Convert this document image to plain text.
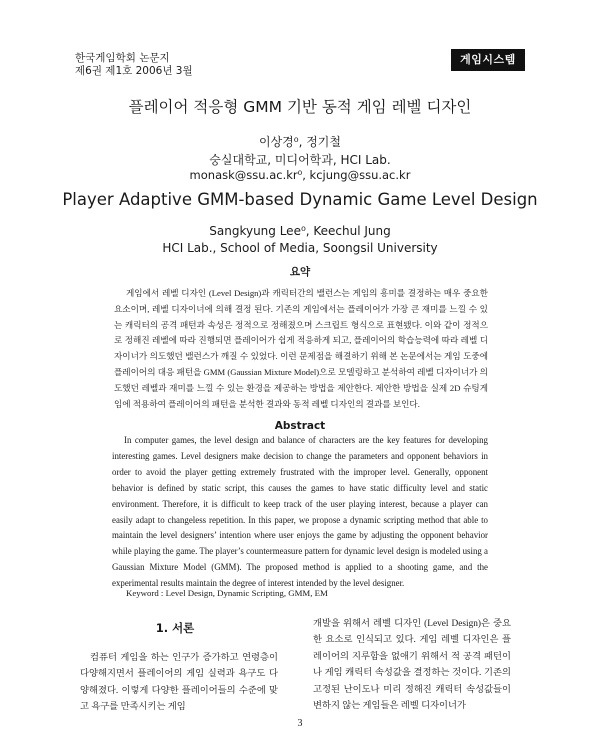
한국게임학회 논문지
제6권 제1호 2006년 3월
게임시스템
플레이어 적응형 GMM 기반 동적 게임 레벨 디자인
이상경⁰, 정기철
숭실대학교, 미디어학과, HCI Lab.
monask@ssu.ac.kr⁰, kcjung@ssu.ac.kr
Player Adaptive GMM-based Dynamic Game Level Design
Sangkyung Lee⁰, Keechul Jung
HCI Lab., School of Media, Soongsil University
요약
게임에서 레벨 디자인 (Level Design)과 캐릭터간의 밸런스는 게임의 흥미를 결정하는 매우 중요한 요소이며, 레벨 디자이너에 의해 결정 된다. 기존의 게임에서는 플레이어가 가장 큰 재미를 느낄 수 있는 캐릭터의 공격 패턴과 속성은 정적으로 정해졌으며 스크립트 형식으로 표현됐다. 이와 같이 정적으로 정해진 레벨에 따라 진행되면 플레이어가 쉽게 적응하게 되고, 플레이어의 학습능력에 따라 레벨 디자이너가 의도했던 밸런스가 깨질 수 있었다. 이런 문제점을 해결하기 위해 본 논문에서는 게임 도중에 플레이어의 대응 패턴을 GMM (Gaussian Mixture Model)으로 모델링하고 분석하여 레벨 디자이너가 의도했던 레벨과 재미를 느낄 수 있는 환경을 제공하는 방법을 제안한다. 제안한 방법을 실제 2D 슈팅게임에 적용하여 플레이어의 패턴을 분석한 결과와 동적 레벨 디자인의 결과를 보인다.
Abstract
In computer games, the level design and balance of characters are the key features for developing interesting games. Level designers make decision to change the parameters and opponent behaviors in order to avoid the player getting extremely frustrated with the improper level. Generally, opponent behavior is defined by static script, this causes the games to have static difficulty level and static environment. Therefore, it is difficult to keep track of the user playing interest, because a player can easily adapt to changeless repetition. In this paper, we propose a dynamic scripting method that able to maintain the level designers’ intention where user enjoys the game by adjusting the opponent behavior while playing the game. The player’s countermeasure pattern for dynamic level design is modeled using a Gaussian Mixture Model (GMM). The proposed method is applied to a shooting game, and the experimental results maintain the degree of interest intended by the level designer.
Keyword : Level Design, Dynamic Scripting, GMM, EM
1. 서론
컴퓨터 게임을 하는 인구가 증가하고 연령층이 다양해지면서 플레이어의 게임 실력과 욕구도 다양해졌다. 이렇게 다양한 플레이어들의 수준에 맞고 욕구를 만족시키는 게임
개발을 위해서 레벨 디자인 (Level Design)은 중요한 요소로 인식되고 있다. 게임 레벨 디자인은 플레이어의 지루함을 없애기 위해서 적 공격 패턴이나 게임 캐릭터 속성값을 결정하는 것이다. 기존의 고정된 난이도나 미리 정해진 캐릭터 속성값들이 변하지 않는 게임들은 레벨 디자이너가
3
